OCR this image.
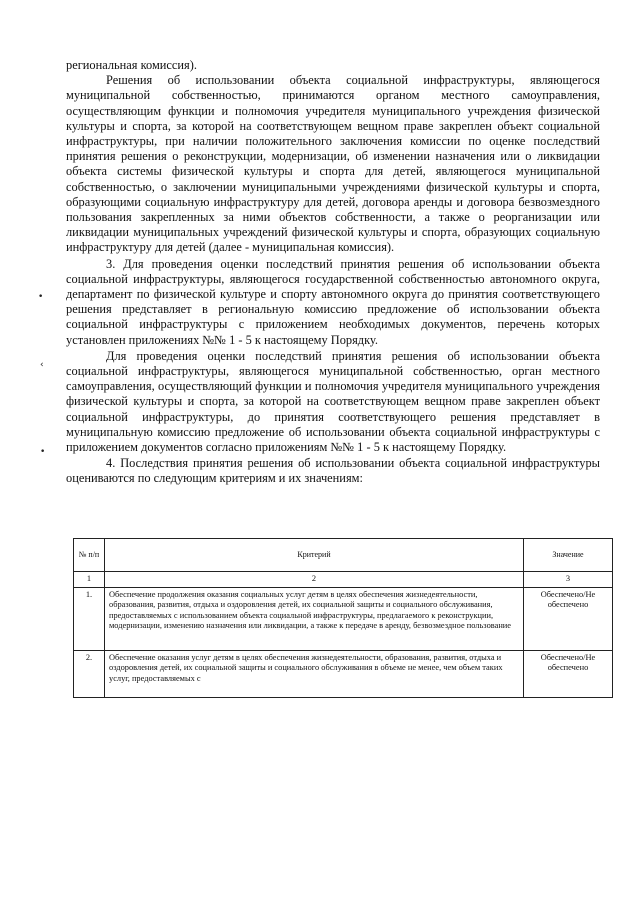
региональная комиссия).

Решения об использовании объекта социальной инфраструктуры, являющегося муниципальной собственностью, принимаются органом местного самоуправления, осуществляющим функции и полномочия учредителя муниципального учреждения физической культуры и спорта, за которой на соответствующем вещном праве закреплен объект социальной инфраструктуры, при наличии положительного заключения комиссии по оценке последствий принятия решения о реконструкции, модернизации, об изменении назначения или о ликвидации объекта системы физической культуры и спорта для детей, являющегося муниципальной собственностью, о заключении муниципальными учреждениями физической культуры и спорта, образующими социальную инфраструктуру для детей, договора аренды и договора безвозмездного пользования закрепленных за ними объектов собственности, а также о реорганизации или ликвидации муниципальных учреждений физической культуры и спорта, образующих социальную инфраструктуру для детей (далее - муниципальная комиссия).

3. Для проведения оценки последствий принятия решения об использовании объекта социальной инфраструктуры, являющегося государственной собственностью автономного округа, департамент по физической культуре и спорту автономного округа до принятия соответствующего решения представляет в региональную комиссию предложение об использовании объекта социальной инфраструктуры с приложением необходимых документов, перечень которых установлен приложениях №№ 1 - 5 к настоящему Порядку.

Для проведения оценки последствий принятия решения об использовании объекта социальной инфраструктуры, являющегося муниципальной собственностью, орган местного самоуправления, осуществляющий функции и полномочия учредителя муниципального учреждения физической культуры и спорта, за которой на соответствующем вещном праве закреплен объект социальной инфраструктуры, до принятия соответствующего решения представляет в муниципальную комиссию предложение об использовании объекта социальной инфраструктуры с приложением документов согласно приложениям №№ 1 - 5 к настоящему Порядку.

4. Последствия принятия решения об использовании объекта социальной инфраструктуры оцениваются по следующим критериям и их значениям:

•
‹
•
№ п/п	Критерий	Значение
1	2	3
1.	Обеспечение продолжения оказания социальных услуг детям в целях обеспечения жизнедеятельности, образования, развития, отдыха и оздоровления детей, их социальной защиты и социального обслуживания, предоставляемых с использованием объекта социальной инфраструктуры, предлагаемого к реконструкции, модернизации, изменению назначения или ликвидации, а также к передаче в аренду, безвозмездное пользование	Обеспечено/Не обеспечено
2.	Обеспечение оказания услуг детям в целях обеспечения жизнедеятельности, образования, развития, отдыха и оздоровления детей, их социальной защиты и социального обслуживания в объеме не менее, чем объем таких услуг, предоставляемых с	Обеспечено/Не обеспечено
